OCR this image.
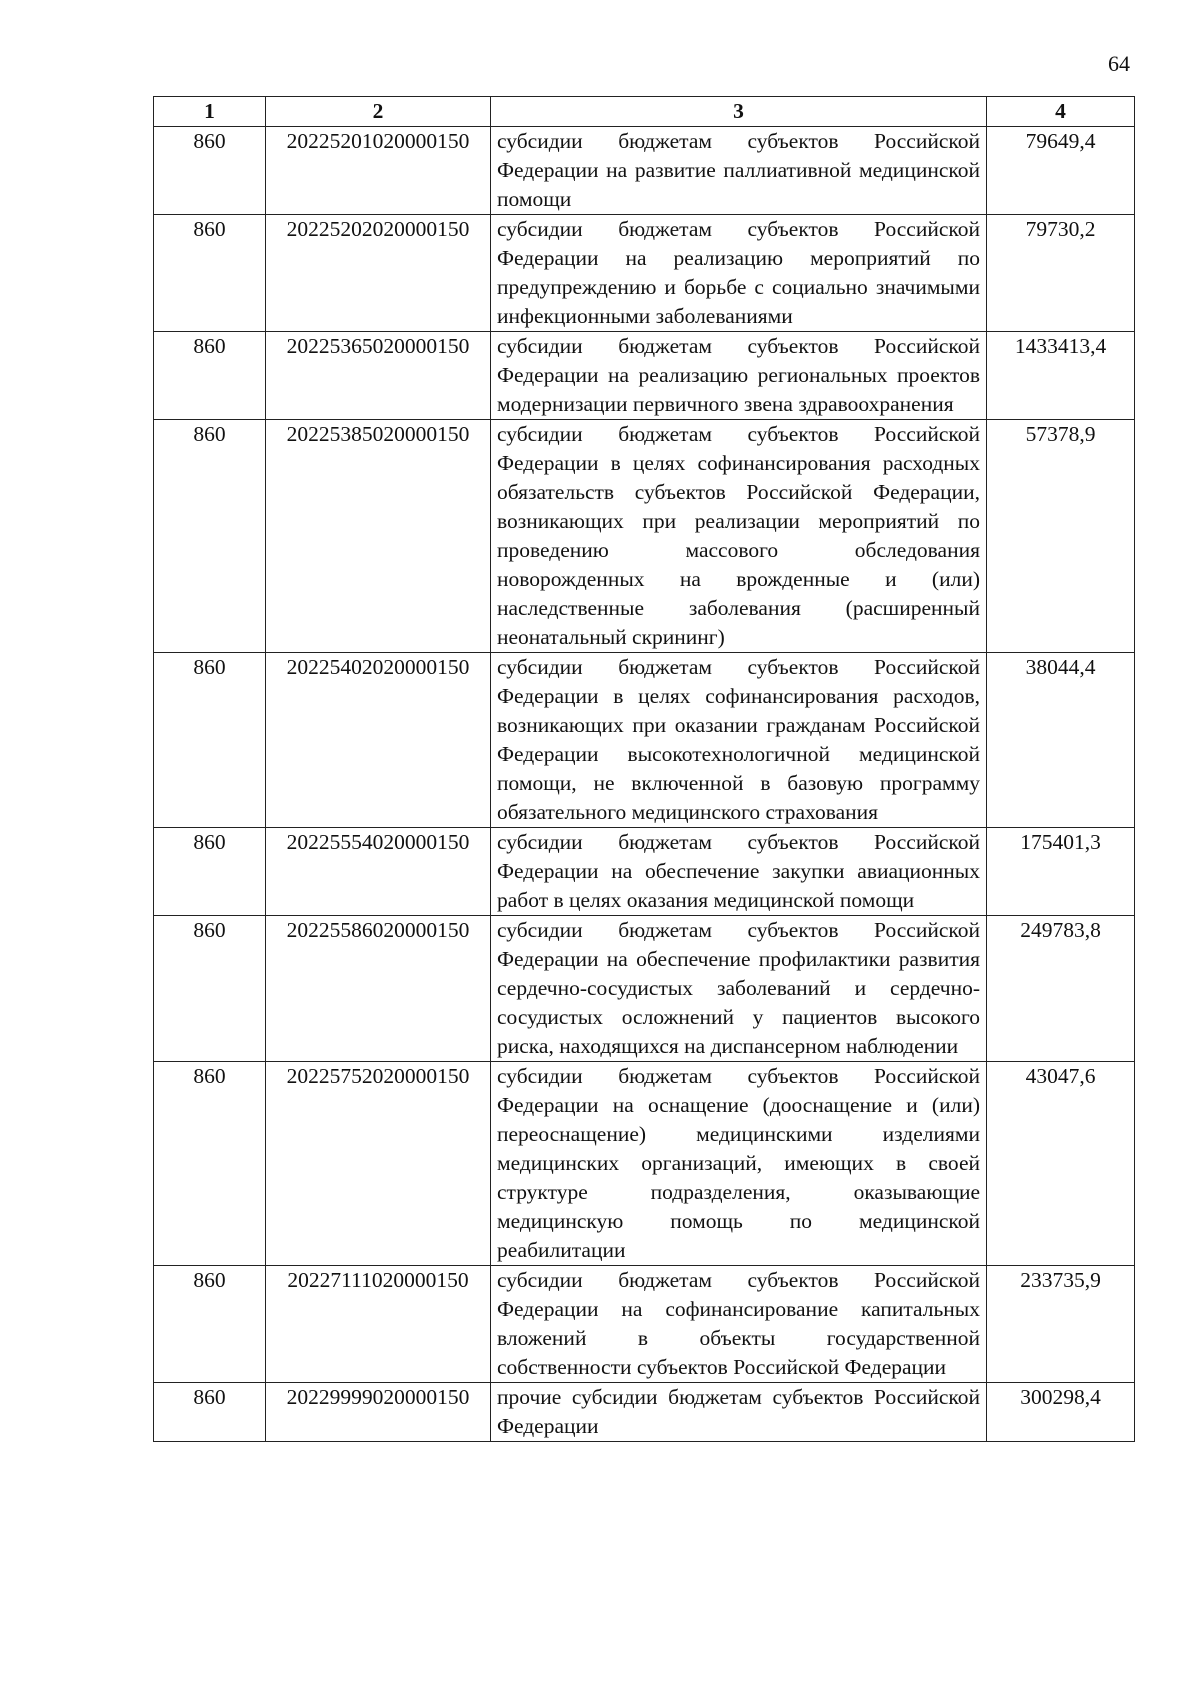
64
1	2	3	4
860	20225201020000150	субсидии бюджетам субъектов Российской Федерации на развитие паллиативной медицинской помощи	79649,4
860	20225202020000150	субсидии бюджетам субъектов Российской Федерации на реализацию мероприятий по предупреждению и борьбе с социально значимыми инфекционными заболеваниями	79730,2
860	20225365020000150	субсидии бюджетам субъектов Российской Федерации на реализацию региональных проектов модернизации первичного звена здравоохранения	1433413,4
860	20225385020000150	субсидии бюджетам субъектов Российской Федерации в целях софинансирования расходных обязательств субъектов Российской Федерации, возникающих при реализации мероприятий по проведению массового обследования новорожденных на врожденные и (или) наследственные заболевания (расширенный неонатальный скрининг)	57378,9
860	20225402020000150	субсидии бюджетам субъектов Российской Федерации в целях софинансирования расходов, возникающих при оказании гражданам Российской Федерации высокотехнологичной медицинской помощи, не включенной в базовую программу обязательного медицинского страхования	38044,4
860	20225554020000150	субсидии бюджетам субъектов Российской Федерации на обеспечение закупки авиационных работ в целях оказания медицинской помощи	175401,3
860	20225586020000150	субсидии бюджетам субъектов Российской Федерации на обеспечение профилактики развития сердечно-сосудистых заболеваний и сердечно-сосудистых осложнений у пациентов высокого риска, находящихся на диспансерном наблюдении	249783,8
860	20225752020000150	субсидии бюджетам субъектов Российской Федерации на оснащение (дооснащение и (или) переоснащение) медицинскими изделиями медицинских организаций, имеющих в своей структуре подразделения, оказывающие медицинскую помощь по медицинской реабилитации	43047,6
860	20227111020000150	субсидии бюджетам субъектов Российской Федерации на софинансирование капитальных вложений в объекты государственной собственности субъектов Российской Федерации	233735,9
860	20229999020000150	прочие субсидии бюджетам субъектов Российской Федерации	300298,4
